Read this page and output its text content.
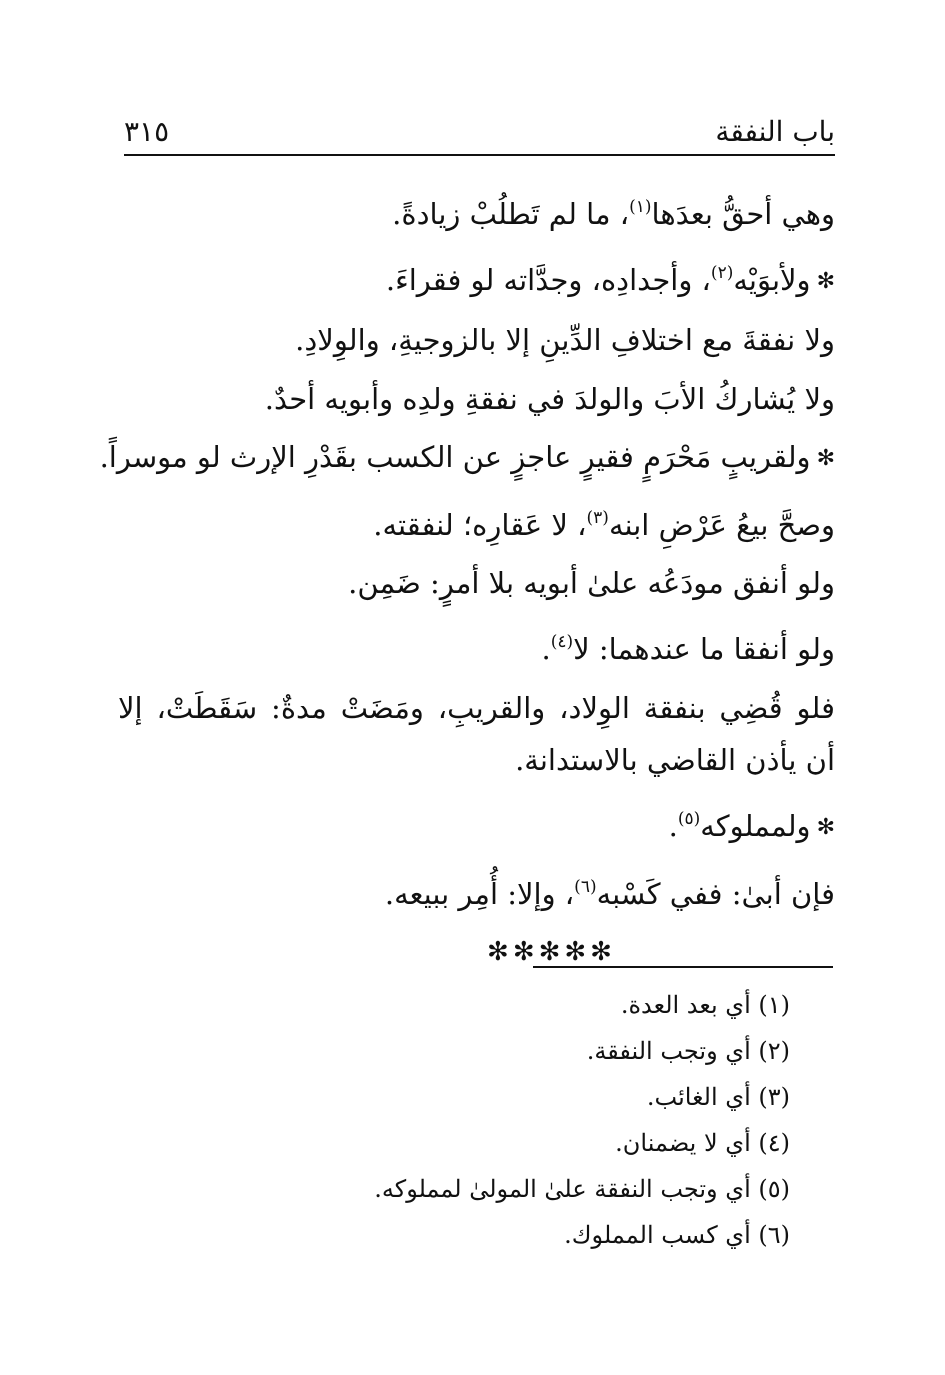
باب النفقة
٣١٥
وهي أحقُّ بعدَها$^{(١)}$، ما لم تَطلُبْ زيادةً.
✻ولأبوَيْه$^{(٢)}$، وأجدادِه، وجدَّاته لو فقراءَ.
ولا نفقةَ مع اختلافِ الدِّينِ إلا بالزوجيةِ، والوِلادِ.
ولا يُشاركُ الأبَ والولدَ في نفقةِ ولدِه وأبويه أحدٌ.
✻ولقريبٍ مَحْرَمٍ فقيرٍ عاجزٍ عن الكسب بقَدْرِ الإرث لو موسراً.
وصحَّ بيعُ عَرْضِ ابنه$^{(٣)}$، لا عَقارِه؛ لنفقته.
ولو أنفق مودَعُه علىٰ أبويه بلا أمرٍ: ضَمِن.
ولو أنفقا ما عندهما: لا$^{(٤)}$.
فلو قُضِي بنفقة الوِلاد، والقريبِ، ومَضَتْ مدةٌ: سَقَطَتْ، إلا أن يأذن القاضي بالاستدانة.
✻ولمملوكه$^{(٥)}$.
فإن أبىٰ: ففي كَسْبه$^{(٦)}$، وإلا: أُمِر ببيعه.
✻✻✻✻✻
(١) أي بعد العدة.
(٢) أي وتجب النفقة.
(٣) أي الغائب.
(٤) أي لا يضمنان.
(٥) أي وتجب النفقة علىٰ المولىٰ لمملوكه.
(٦) أي كسب المملوك.
